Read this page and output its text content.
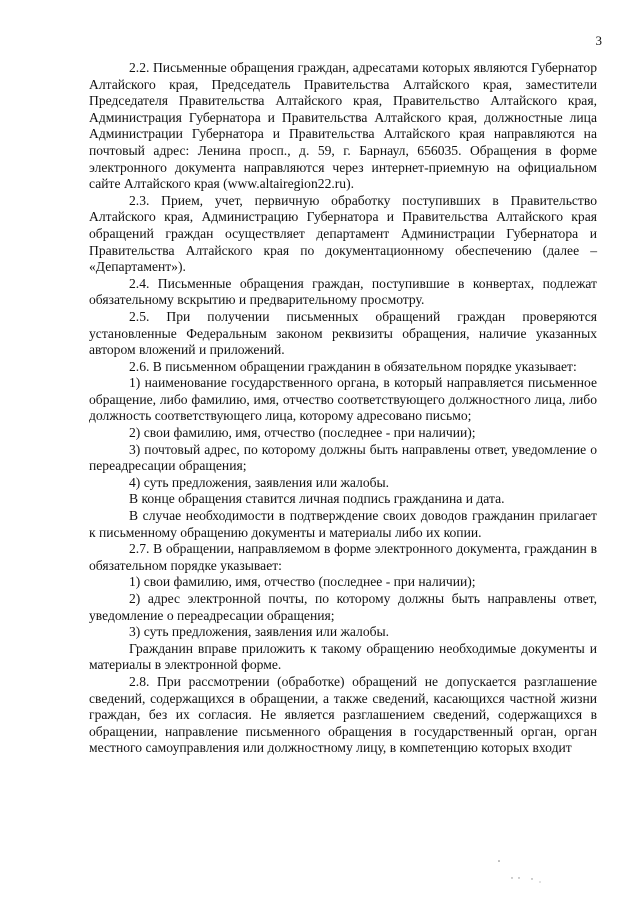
3

2.2. Письменные обращения граждан, адресатами которых являются Губернатор Алтайского края, Председатель Правительства Алтайского края, заместители Председателя Правительства Алтайского края, Правительство Алтайского края, Администрация Губернатора и Правительства Алтайского края, должностные лица Администрации Губернатора и Правительства Алтайского края направляются на почтовый адрес: Ленина просп., д. 59, г. Барнаул, 656035. Обращения в форме электронного документа направляются через интернет-приемную на официальном сайте Алтайского края (www.altairegion22.ru).

2.3. Прием, учет, первичную обработку поступивших в Правительство Алтайского края, Администрацию Губернатора и Правительства Алтайского края обращений граждан осуществляет департамент Администрации Губернатора и Правительства Алтайского края по документационному обеспечению (далее – «Департамент»).

2.4. Письменные обращения граждан, поступившие в конвертах, подлежат обязательному вскрытию и предварительному просмотру.

2.5. При получении письменных обращений граждан проверяются установленные Федеральным законом реквизиты обращения, наличие указанных автором вложений и приложений.

2.6. В письменном обращении гражданин в обязательном порядке указывает:

1) наименование государственного органа, в который направляется письменное обращение, либо фамилию, имя, отчество соответствующего должностного лица, либо должность соответствующего лица, которому адресовано письмо;

2) свои фамилию, имя, отчество (последнее - при наличии);

3) почтовый адрес, по которому должны быть направлены ответ, уведомление о переадресации обращения;

4) суть предложения, заявления или жалобы.

В конце обращения ставится личная подпись гражданина и дата.

В случае необходимости в подтверждение своих доводов гражданин прилагает к письменному обращению документы и материалы либо их копии.

2.7. В обращении, направляемом в форме электронного документа, гражданин в обязательном порядке указывает:

1) свои фамилию, имя, отчество (последнее - при наличии);

2) адрес электронной почты, по которому должны быть направлены ответ, уведомление о переадресации обращения;

3) суть предложения, заявления или жалобы.

Гражданин вправе приложить к такому обращению необходимые документы и материалы в электронной форме.

2.8. При рассмотрении (обработке) обращений не допускается разглашение сведений, содержащихся в обращении, а также сведений, касающихся частной жизни граждан, без их согласия. Не является разглашением сведений, содержащихся в обращении, направление письменного обращения в государственный орган, орган местного самоуправления или должностному лицу, в компетенцию которых входит
